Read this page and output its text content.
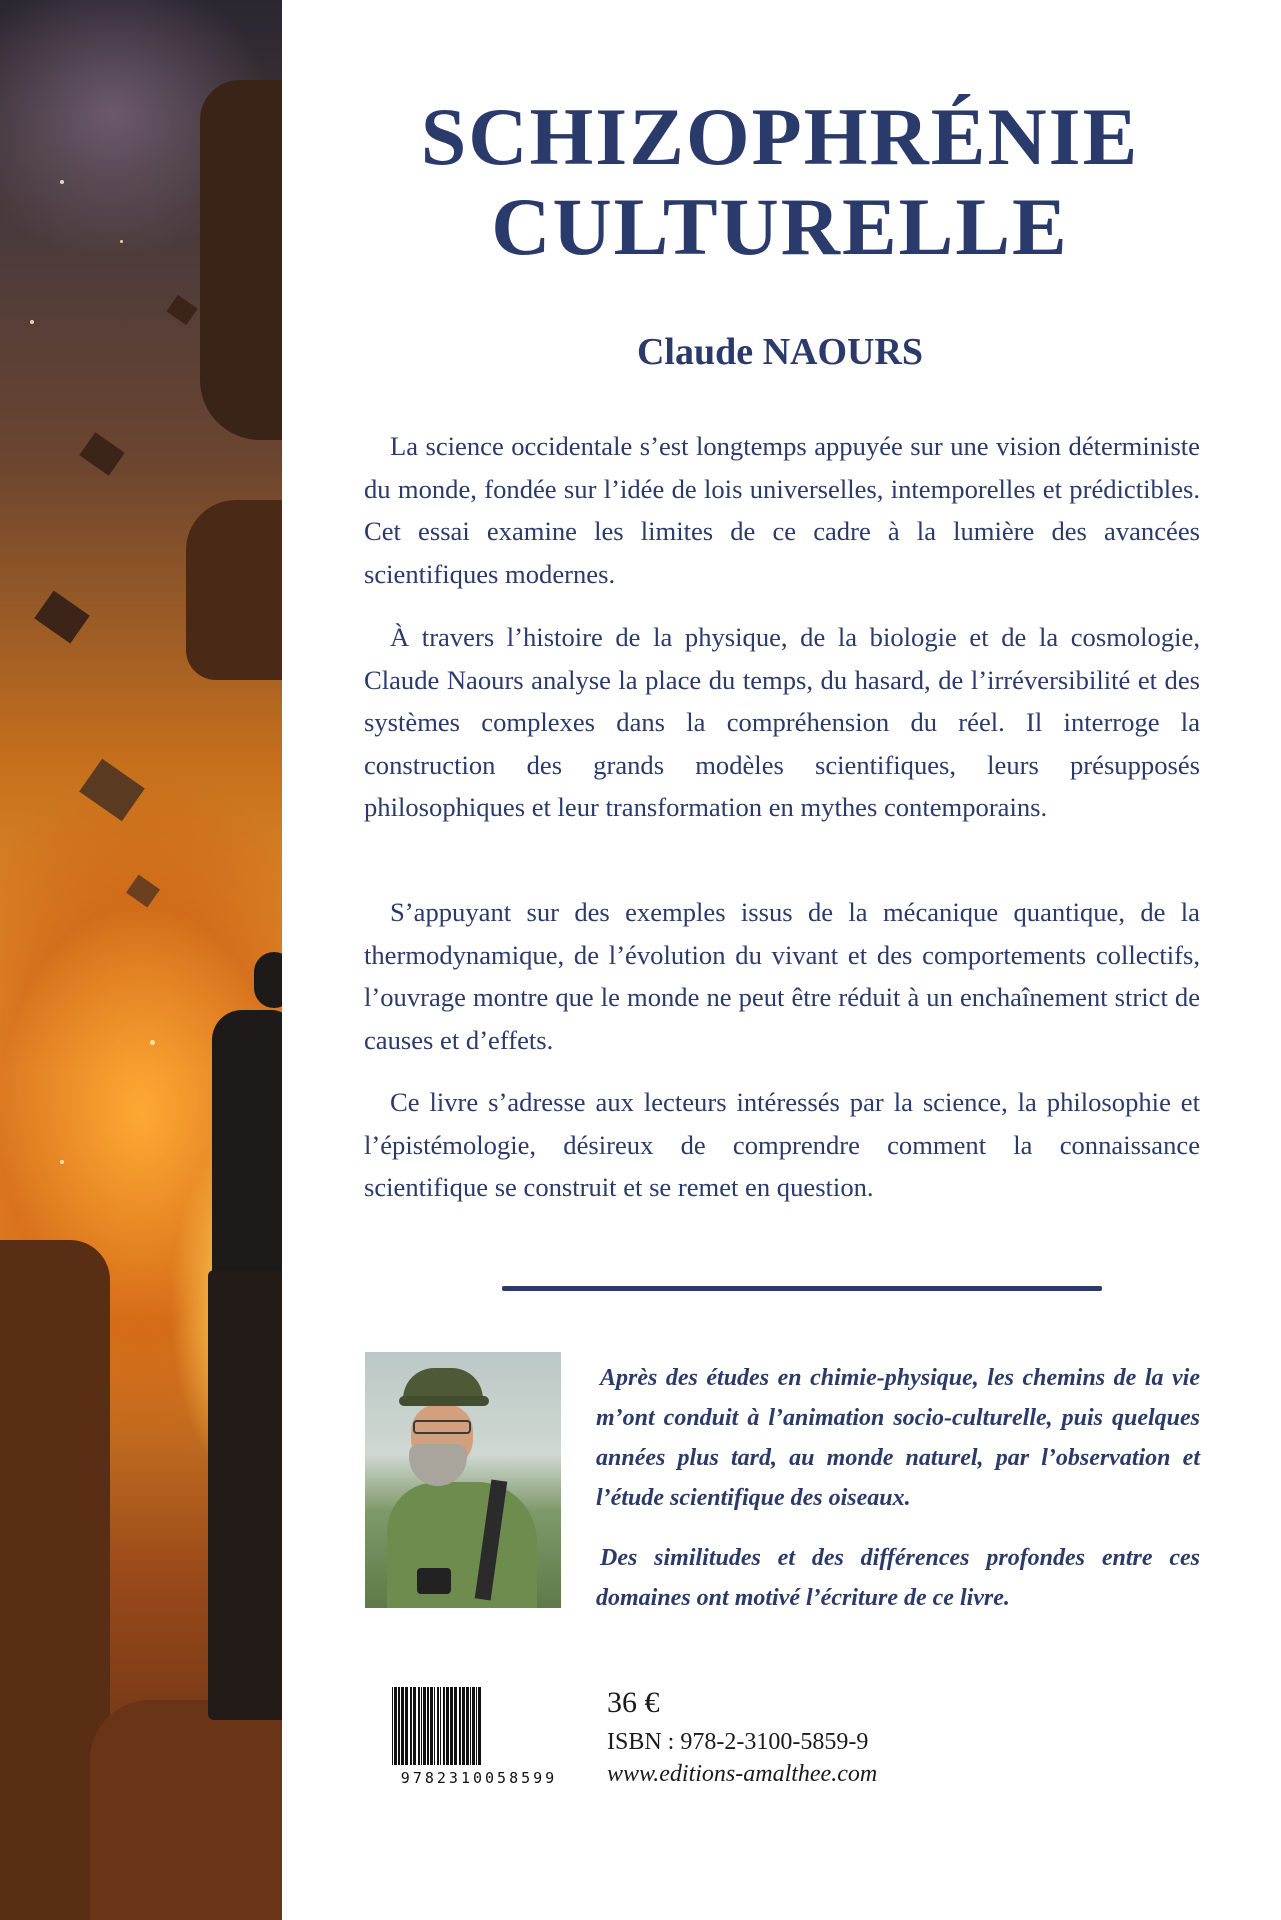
SCHIZOPHRÉNIE
CULTURELLE
Claude NAOURS

La science occidentale s’est longtemps appuyée sur une vision déterministe du monde, fondée sur l’idée de lois universelles, intemporelles et prédictibles. Cet essai examine les limites de ce cadre à la lumière des avancées scientifiques modernes.

À travers l’histoire de la physique, de la biologie et de la cosmologie, Claude Naours analyse la place du temps, du hasard, de l’irréversibilité et des systèmes complexes dans la compréhension du réel. Il interroge la construction des grands modèles scientifiques, leurs présupposés philosophiques et leur transformation en mythes contemporains.

S’appuyant sur des exemples issus de la mécanique quantique, de la thermodynamique, de l’évolution du vivant et des comportements collectifs, l’ouvrage montre que le monde ne peut être réduit à un enchaînement strict de causes et d’effets.

Ce livre s’adresse aux lecteurs intéressés par la science, la philosophie et l’épistémologie, désireux de comprendre comment la connaissance scientifique se construit et se remet en question.

Après des études en chimie-physique, les chemins de la vie m’ont conduit à l’animation socio-culturelle, puis quelques années plus tard, au monde naturel, par l’observation et l’étude scientifique des oiseaux.

Des similitudes et des différences profondes entre ces domaines ont motivé l’écriture de ce livre.

9782310058599
36 €
ISBN : 978-2-3100-5859-9
www.editions-amalthee.com
